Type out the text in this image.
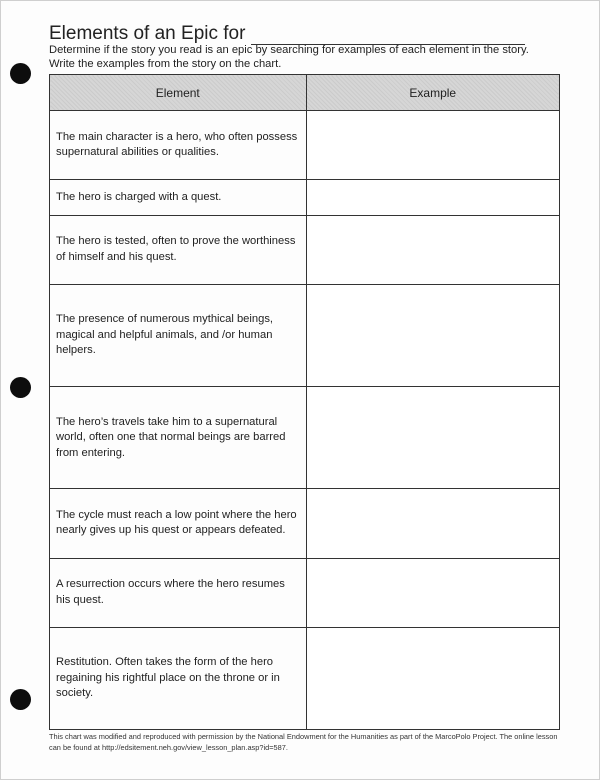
Elements of an Epic for
Determine if the story you read is an epic by searching for examples of each element in the story. Write the examples from the story on the chart.
Element	Example
The main character is a hero, who often possess supernatural abilities or qualities.	
The hero is charged with a quest.	
The hero is tested, often to prove the worthiness of himself and his quest.	
The presence of numerous mythical beings, magical and helpful animals, and /or human helpers.	
The hero’s travels take him to a supernatural world, often one that normal beings are barred from entering.	
The cycle must reach a low point where the hero nearly gives up his quest or appears defeated.	
A resurrection occurs where the hero resumes his quest.	
Restitution. Often takes the form of the hero regaining his rightful place on the throne or in society.	
This chart was modified and reproduced with permission by the National Endowment for the Humanities as part of the MarcoPolo Project. The online lesson can be found at http://edsitement.neh.gov/view_lesson_plan.asp?id=587.
